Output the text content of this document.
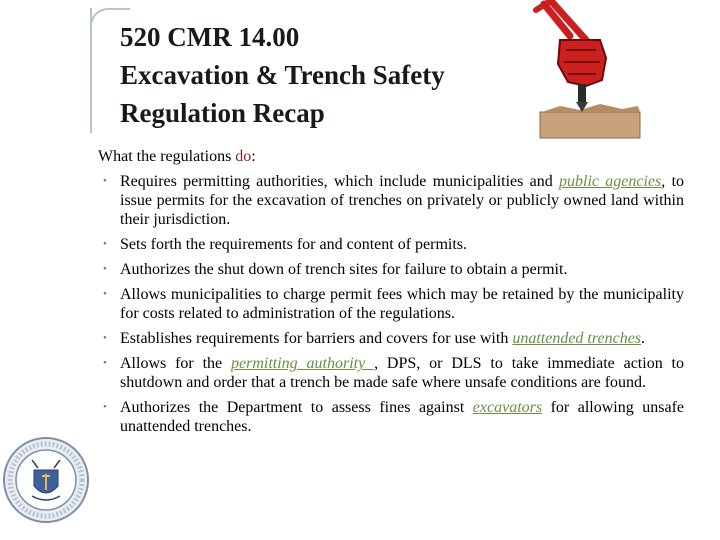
520 CMR 14.00
Excavation & Trench Safety
Regulation Recap
What the regulations do:
• Requires permitting authorities, which include municipalities and public agencies, to issue permits for the excavation of trenches on privately or publicly owned land within their jurisdiction.
• Sets forth the requirements for and content of permits.
• Authorizes the shut down of trench sites for failure to obtain a permit.
• Allows municipalities to charge permit fees which may be retained by the municipality for costs related to administration of the regulations.
• Establishes requirements for barriers and covers for use with unattended trenches.
• Allows for the permitting authority , DPS, or DLS to take immediate action to shutdown and order that a trench be made safe where unsafe conditions are found.
• Authorizes the Department to assess fines against excavators for allowing unsafe unattended trenches.
